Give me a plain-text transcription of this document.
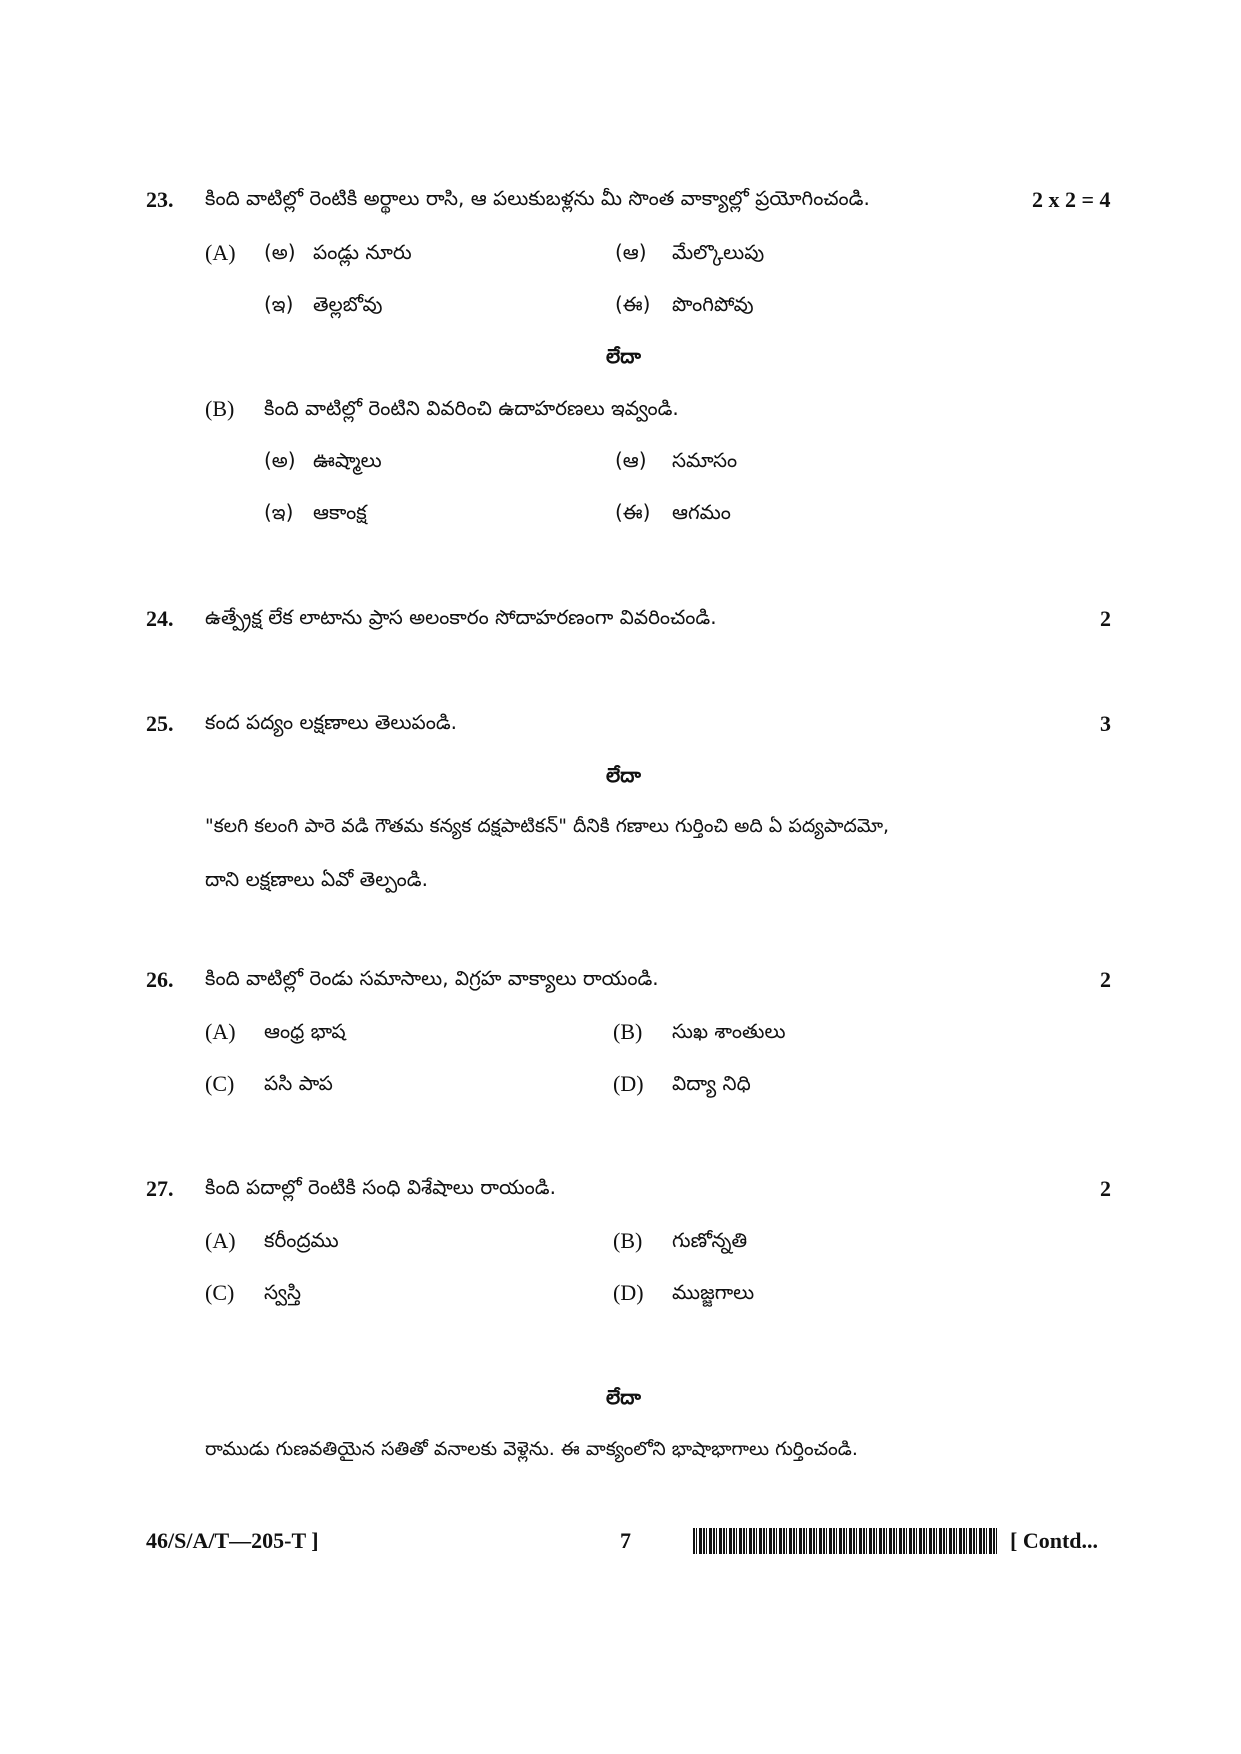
23. కింది వాటిల్లో రెంటికి అర్థాలు రాసి, ఆ పలుకుబళ్లను మీ సొంత వాక్యాల్లో ప్రయోగించండి.	2 x 2 = 4
(A) (అ) పండ్లు నూరు	(ఆ) మేల్కొలుపు
(ఇ) తెల్లబోవు	(ఈ) పొంగిపోవు
లేదా
(B) కింది వాటిల్లో రెంటిని వివరించి ఉదాహరణలు ఇవ్వండి.
(అ) ఊష్మాలు	(ఆ) సమాసం
(ఇ) ఆకాంక్ష	(ఈ) ఆగమం
24. ఉత్ప్రేక్ష లేక లాటాను ప్రాస అలంకారం సోదాహరణంగా వివరించండి.	2
25. కంద పద్యం లక్షణాలు తెలుపండి.	3
లేదా
"కలగి కలంగి పారె వడి గౌతమ కన్యక దక్షపాటికన్" దీనికి గణాలు గుర్తించి అది ఏ పద్యపాదమో,
దాని లక్షణాలు ఏవో తెల్పండి.
26. కింది వాటిల్లో రెండు సమాసాలు, విగ్రహ వాక్యాలు రాయండి.	2
(A) ఆంధ్ర భాష	(B) సుఖ శాంతులు
(C) పసి పాప	(D) విద్యా నిధి
27. కింది పదాల్లో రెంటికి సంధి విశేషాలు రాయండి.	2
(A) కరీంద్రము	(B) గుణోన్నతి
(C) స్వస్తి	(D) ముజ్జగాలు
లేదా
రాముడు గుణవతియైన సతితో వనాలకు వెళ్లెను. ఈ వాక్యంలోని భాషాభాగాలు గుర్తించండి.
46/S/A/T—205-T ]	7	[ Contd...
